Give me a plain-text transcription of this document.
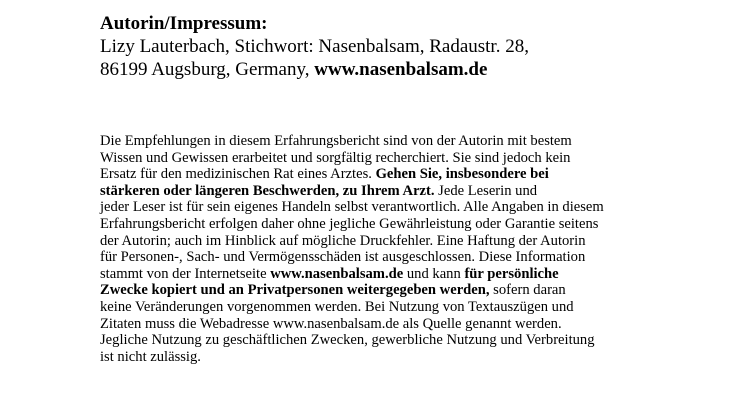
Autorin/Impressum:
Lizy Lauterbach, Stichwort: Nasenbalsam, Radaustr. 28,
86199 Augsburg, Germany, www.nasenbalsam.de
Die Empfehlungen in diesem Erfahrungsbericht sind von der Autorin mit bestem
Wissen und Gewissen erarbeitet und sorgfältig recherchiert. Sie sind jedoch kein
Ersatz für den medizinischen Rat eines Arztes. Gehen Sie, insbesondere bei
stärkeren oder längeren Beschwerden, zu Ihrem Arzt. Jede Leserin und
jeder Leser ist für sein eigenes Handeln selbst verantwortlich. Alle Angaben in diesem
Erfahrungsbericht erfolgen daher ohne jegliche Gewährleistung oder Garantie seitens
der Autorin; auch im Hinblick auf mögliche Druckfehler. Eine Haftung der Autorin
für Personen-, Sach- und Vermögensschäden ist ausgeschlossen. Diese Information
stammt von der Internetseite www.nasenbalsam.de und kann für persönliche
Zwecke kopiert und an Privatpersonen weitergegeben werden, sofern daran
keine Veränderungen vorgenommen werden. Bei Nutzung von Textauszügen und
Zitaten muss die Webadresse www.nasenbalsam.de als Quelle genannt werden.
Jegliche Nutzung zu geschäftlichen Zwecken, gewerbliche Nutzung und Verbreitung
ist nicht zulässig.
